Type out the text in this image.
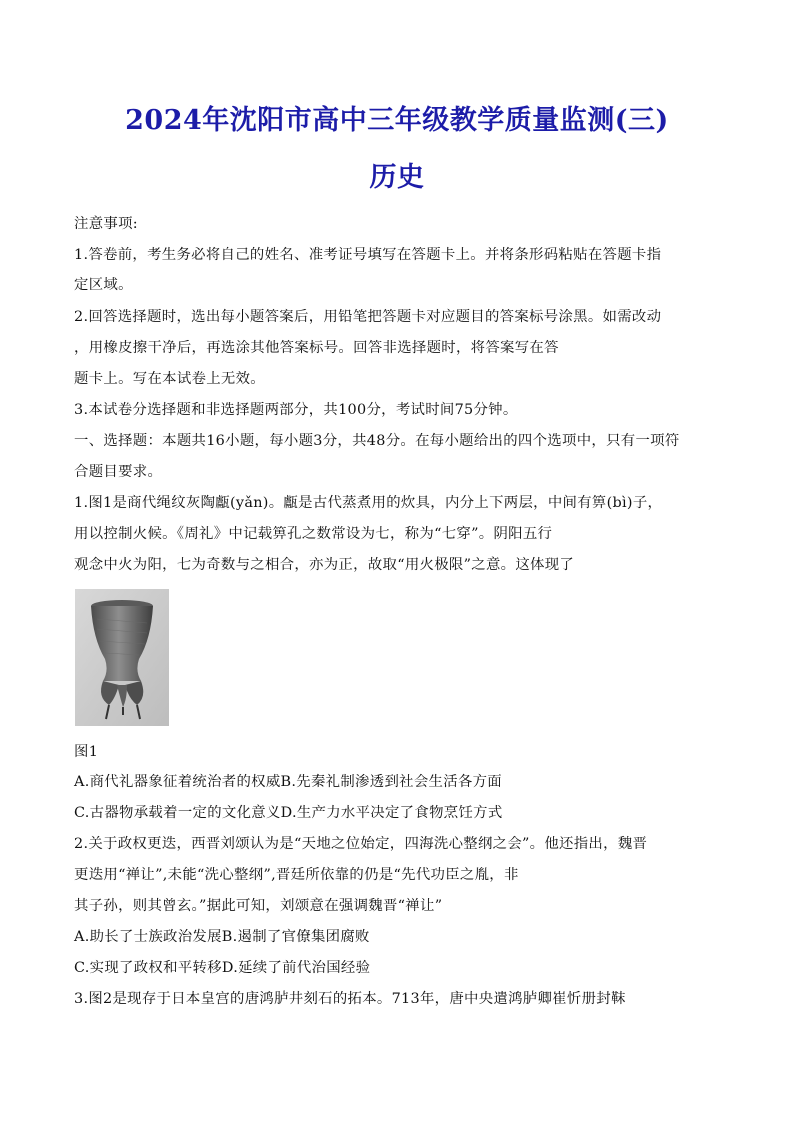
2024年沈阳市高中三年级教学质量监测(三)
历史
注意事项:
1.答卷前，考生务必将自己的姓名、准考证号填写在答题卡上。并将条形码粘贴在答题卡指
定区域。
2.回答选择题时，选出每小题答案后，用铅笔把答题卡对应题目的答案标号涂黑。如需改动
，用橡皮擦干净后，再选涂其他答案标号。回答非选择题时，将答案写在答
题卡上。写在本试卷上无效。
3.本试卷分选择题和非选择题两部分，共100分，考试时间75分钟。
一、选择题：本题共16小题，每小题3分，共48分。在每小题给出的四个选项中，只有一项符
合题目要求。
1.图1是商代绳纹灰陶甗(yǎn)。甗是古代蒸煮用的炊具，内分上下两层，中间有箅(bì)子，
用以控制火候。《周礼》中记载箅孔之数常设为七，称为“七穿”。阴阳五行
观念中火为阳，七为奇数与之相合，亦为正，故取“用火极限”之意。这体现了
图1
A.商代礼器象征着统治者的权威B.先秦礼制渗透到社会生活各方面
C.古器物承载着一定的文化意义D.生产力水平决定了食物烹饪方式
2.关于政权更迭，西晋刘颂认为是“天地之位始定，四海洗心整纲之会”。他还指出，魏晋
更迭用“禅让”,未能“洗心整纲”,晋廷所依靠的仍是“先代功臣之胤，非
其子孙，则其曾玄。”据此可知，刘颂意在强调魏晋“禅让”
A.助长了士族政治发展B.遏制了官僚集团腐败
C.实现了政权和平转移D.延续了前代治国经验
3.图2是现存于日本皇宫的唐鸿胪井刻石的拓本。713年，唐中央遣鸿胪卿崔忻册封靺
